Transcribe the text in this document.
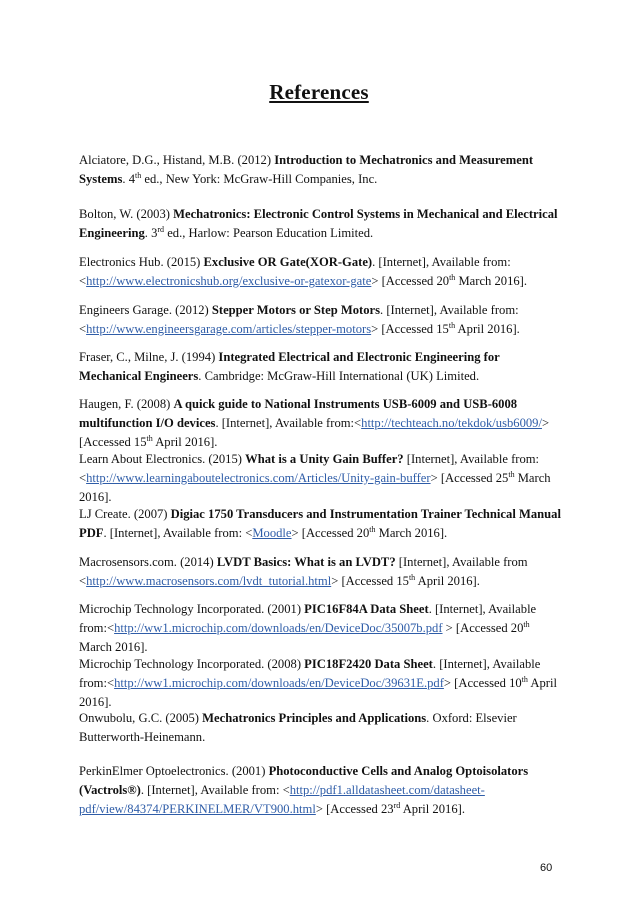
References

Alciatore, D.G., Histand, M.B. (2012) Introduction to Mechatronics and Measurement Systems. 4th ed., New York: McGraw-Hill Companies, Inc.

Bolton, W. (2003) Mechatronics: Electronic Control Systems in Mechanical and Electrical Engineering. 3rd ed., Harlow: Pearson Education Limited.

Electronics Hub. (2015) Exclusive OR Gate(XOR-Gate). [Internet], Available from: <http://www.electronicshub.org/exclusive-or-gatexor-gate> [Accessed 20th March 2016].

Engineers Garage. (2012) Stepper Motors or Step Motors. [Internet], Available from: <http://www.engineersgarage.com/articles/stepper-motors> [Accessed 15th April 2016].

Fraser, C., Milne, J. (1994) Integrated Electrical and Electronic Engineering for Mechanical Engineers. Cambridge: McGraw-Hill International (UK) Limited.

Haugen, F. (2008) A quick guide to National Instruments USB-6009 and USB-6008 multifunction I/O devices. [Internet], Available from:<http://techteach.no/tekdok/usb6009/> [Accessed 15th April 2016].

Learn About Electronics. (2015) What is a Unity Gain Buffer? [Internet], Available from: <http://www.learningaboutelectronics.com/Articles/Unity-gain-buffer> [Accessed 25th March 2016].

LJ Create. (2007) Digiac 1750 Transducers and Instrumentation Trainer Technical Manual PDF. [Internet], Available from: <Moodle> [Accessed 20th March 2016].

Macrosensors.com. (2014) LVDT Basics: What is an LVDT? [Internet], Available from <http://www.macrosensors.com/lvdt_tutorial.html> [Accessed 15th April 2016].

Microchip Technology Incorporated. (2001) PIC16F84A Data Sheet. [Internet], Available from:<http://ww1.microchip.com/downloads/en/DeviceDoc/35007b.pdf > [Accessed 20th March 2016].

Microchip Technology Incorporated. (2008) PIC18F2420 Data Sheet. [Internet], Available from:<http://ww1.microchip.com/downloads/en/DeviceDoc/39631E.pdf> [Accessed 10th April 2016].

Onwubolu, G.C. (2005) Mechatronics Principles and Applications. Oxford: Elsevier Butterworth-Heinemann.

PerkinElmer Optoelectronics. (2001) Photoconductive Cells and Analog Optoisolators (Vactrols®). [Internet], Available from: <http://pdf1.alldatasheet.com/datasheet-pdf/view/84374/PERKINELMER/VT900.html> [Accessed 23rd April 2016].

60
